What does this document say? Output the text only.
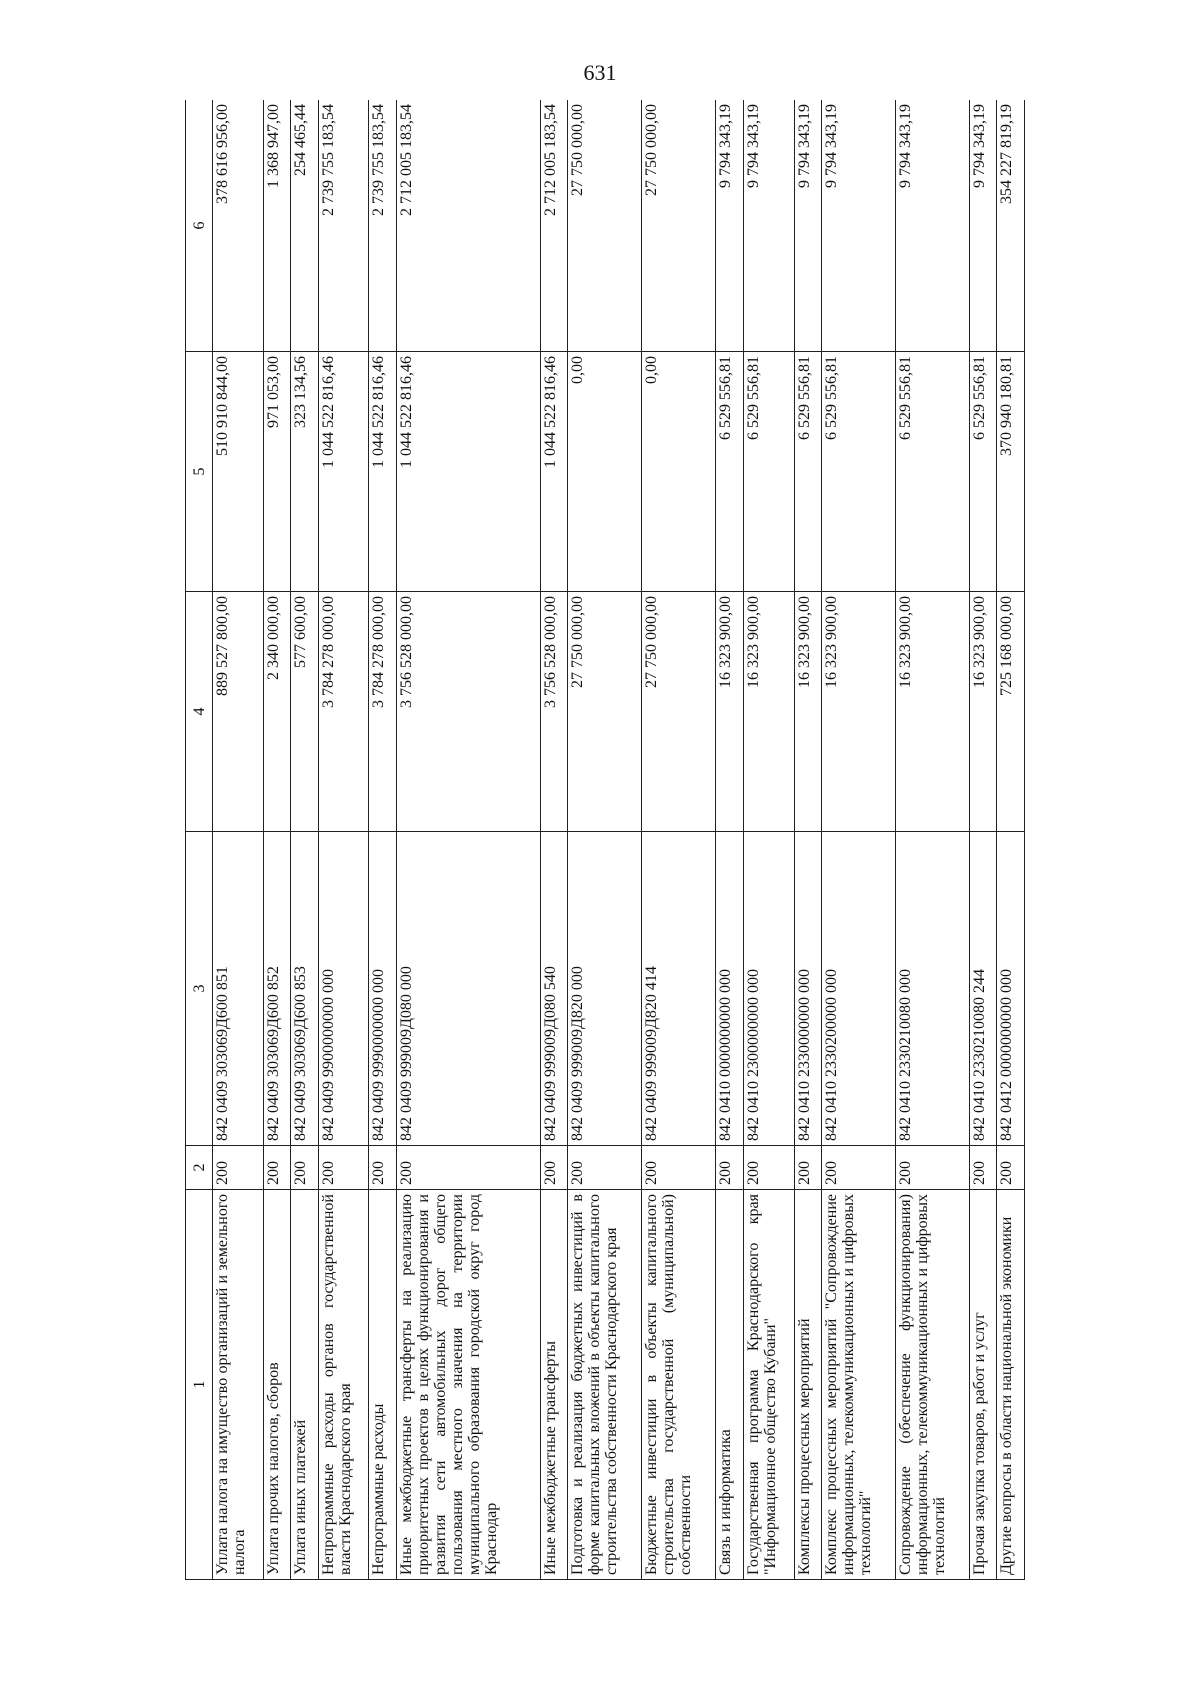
631
1	2	3	4	5	6
Уплата налога на имущество организаций и земельного налога	200	842 0409 303069Д600 851	889 527 800,00	510 910 844,00	378 616 956,00
Уплата прочих налогов, сборов	200	842 0409 303069Д600 852	2 340 000,00	971 053,00	1 368 947,00
Уплата иных платежей	200	842 0409 303069Д600 853	577 600,00	323 134,56	254 465,44
Непрограммные расходы органов государственной власти Краснодарского края	200	842 0409 9900000000 000	3 784 278 000,00	1 044 522 816,46	2 739 755 183,54
Непрограммные расходы	200	842 0409 9990000000 000	3 784 278 000,00	1 044 522 816,46	2 739 755 183,54
Иные межбюджетные трансферты на реализацию приоритетных проектов в целях функционирования и развития сети автомобильных дорог общего пользования местного значения на территории муниципального образования городской округ город Краснодар	200	842 0409 999009Д080 000	3 756 528 000,00	1 044 522 816,46	2 712 005 183,54
Иные межбюджетные трансферты	200	842 0409 999009Д080 540	3 756 528 000,00	1 044 522 816,46	2 712 005 183,54
Подготовка и реализация бюджетных инвестиций в форме капитальных вложений в объекты капитального строительства собственности Краснодарского края	200	842 0409 999009Д820 000	27 750 000,00	0,00	27 750 000,00
Бюджетные инвестиции в объекты капитального строительства государственной (муниципальной) собственности	200	842 0409 999009Д820 414	27 750 000,00	0,00	27 750 000,00
Связь и информатика	200	842 0410 0000000000 000	16 323 900,00	6 529 556,81	9 794 343,19
Государственная программа Краснодарского края "Информационное общество Кубани"	200	842 0410 2300000000 000	16 323 900,00	6 529 556,81	9 794 343,19
Комплексы процессных мероприятий	200	842 0410 2330000000 000	16 323 900,00	6 529 556,81	9 794 343,19
Комплекс процессных мероприятий "Сопровождение информационных, телекоммуникационных и цифровых технологий"	200	842 0410 2330200000 000	16 323 900,00	6 529 556,81	9 794 343,19
Сопровождение (обеспечение функционирования) информационных, телекоммуникационных и цифровых технологий	200	842 0410 2330210080 000	16 323 900,00	6 529 556,81	9 794 343,19
Прочая закупка товаров, работ и услуг	200	842 0410 2330210080 244	16 323 900,00	6 529 556,81	9 794 343,19
Другие вопросы в области национальной экономики	200	842 0412 0000000000 000	725 168 000,00	370 940 180,81	354 227 819,19
